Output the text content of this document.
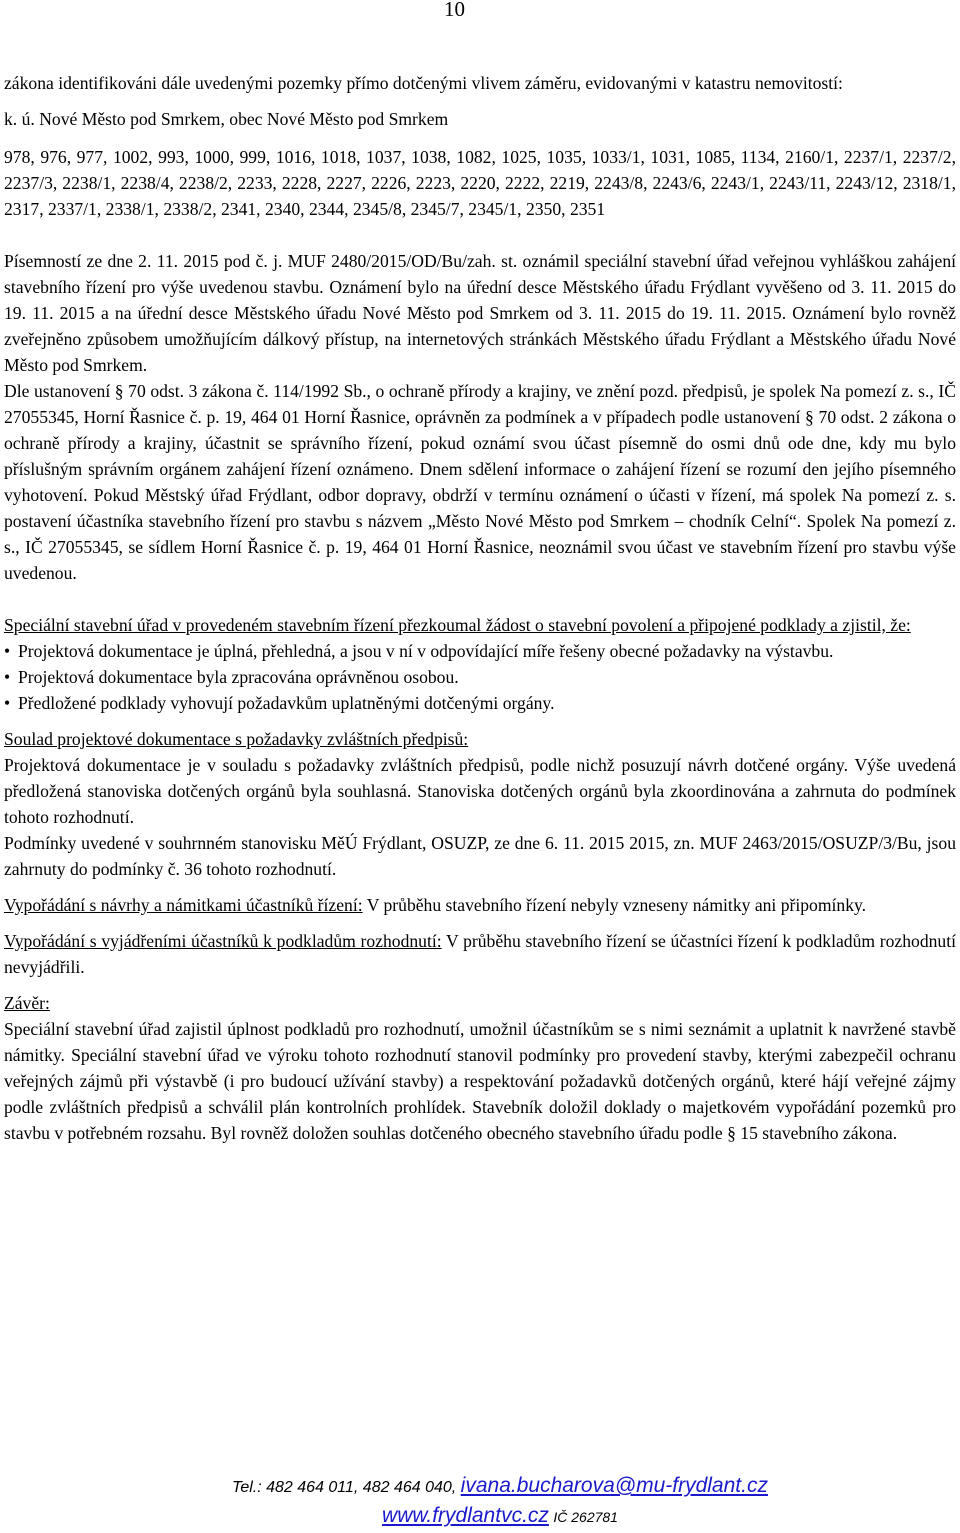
10

zákona identifikováni dále uvedenými pozemky přímo dotčenými vlivem záměru, evidovanými v katastru nemovitostí:

k. ú. Nové Město pod Smrkem, obec Nové Město pod Smrkem

978, 976, 977, 1002, 993, 1000, 999, 1016, 1018, 1037, 1038, 1082, 1025, 1035, 1033/1, 1031, 1085, 1134, 2160/1, 2237/1, 2237/2, 2237/3, 2238/1, 2238/4, 2238/2, 2233, 2228, 2227, 2226, 2223, 2220, 2222, 2219, 2243/8, 2243/6, 2243/1, 2243/11, 2243/12, 2318/1, 2317, 2337/1, 2338/1, 2338/2, 2341, 2340, 2344, 2345/8, 2345/7, 2345/1, 2350, 2351

Písemností ze dne 2. 11. 2015 pod č. j. MUF 2480/2015/OD/Bu/zah. st. oznámil speciální stavební úřad veřejnou vyhláškou zahájení stavebního řízení pro výše uvedenou stavbu. Oznámení bylo na úřední desce Městského úřadu Frýdlant vyvěšeno od 3. 11. 2015 do 19. 11. 2015 a na úřední desce Městského úřadu Nové Město pod Smrkem od 3. 11. 2015 do 19. 11. 2015. Oznámení bylo rovněž zveřejněno způsobem umožňujícím dálkový přístup, na internetových stránkách Městského úřadu Frýdlant a Městského úřadu Nové Město pod Smrkem.

Dle ustanovení § 70 odst. 3 zákona č. 114/1992 Sb., o ochraně přírody a krajiny, ve znění pozd. předpisů, je spolek Na pomezí z. s., IČ 27055345, Horní Řasnice č. p. 19, 464 01 Horní Řasnice, oprávněn za podmínek a v případech podle ustanovení § 70 odst. 2 zákona o ochraně přírody a krajiny, účastnit se správního řízení, pokud oznámí svou účast písemně do osmi dnů ode dne, kdy mu bylo příslušným správním orgánem zahájení řízení oznámeno. Dnem sdělení informace o zahájení řízení se rozumí den jejího písemného vyhotovení. Pokud Městský úřad Frýdlant, odbor dopravy, obdrží v termínu oznámení o účasti v řízení, má spolek Na pomezí z. s. postavení účastníka stavebního řízení pro stavbu s názvem „Město Nové Město pod Smrkem – chodník Celní“. Spolek Na pomezí z. s., IČ 27055345, se sídlem Horní Řasnice č. p. 19, 464 01 Horní Řasnice, neoznámil svou účast ve stavebním řízení pro stavbu výše uvedenou.

Speciální stavební úřad v provedeném stavebním řízení přezkoumal žádost o stavební povolení a připojené podklady a zjistil, že:

• Projektová dokumentace je úplná, přehledná, a jsou v ní v odpovídající míře řešeny obecné požadavky na výstavbu.

• Projektová dokumentace byla zpracována oprávněnou osobou.

• Předložené podklady vyhovují požadavkům uplatněnými dotčenými orgány.

Soulad projektové dokumentace s požadavky zvláštních předpisů:

Projektová dokumentace je v souladu s požadavky zvláštních předpisů, podle nichž posuzují návrh dotčené orgány. Výše uvedená předložená stanoviska dotčených orgánů byla souhlasná. Stanoviska dotčených orgánů byla zkoordinována a zahrnuta do podmínek tohoto rozhodnutí.

Podmínky uvedené v souhrnném stanovisku MěÚ Frýdlant, OSUZP, ze dne 6. 11. 2015 2015, zn. MUF 2463/2015/OSUZP/3/Bu, jsou zahrnuty do podmínky č. 36 tohoto rozhodnutí.

Vypořádání s návrhy a námitkami účastníků řízení: V průběhu stavebního řízení nebyly vzneseny námitky ani připomínky.

Vypořádání s vyjádřeními účastníků k podkladům rozhodnutí: V průběhu stavebního řízení se účastníci řízení k podkladům rozhodnutí nevyjádřili.

Závěr:

Speciální stavební úřad zajistil úplnost podkladů pro rozhodnutí, umožnil účastníkům se s nimi seznámit a uplatnit k navržené stavbě námitky. Speciální stavební úřad ve výroku tohoto rozhodnutí stanovil podmínky pro provedení stavby, kterými zabezpečil ochranu veřejných zájmů při výstavbě (i pro budoucí užívání stavby) a respektování požadavků dotčených orgánů, které hájí veřejné zájmy podle zvláštních předpisů a schválil plán kontrolních prohlídek. Stavebník doložil doklady o majetkovém vypořádání pozemků pro stavbu v potřebném rozsahu. Byl rovněž doložen souhlas dotčeného obecného stavebního úřadu podle § 15 stavebního zákona.

Tel.: 482 464 011, 482 464 040, ivana.bucharova@mu-frydlant.cz
www.frydlantvc.cz IČ 262781
